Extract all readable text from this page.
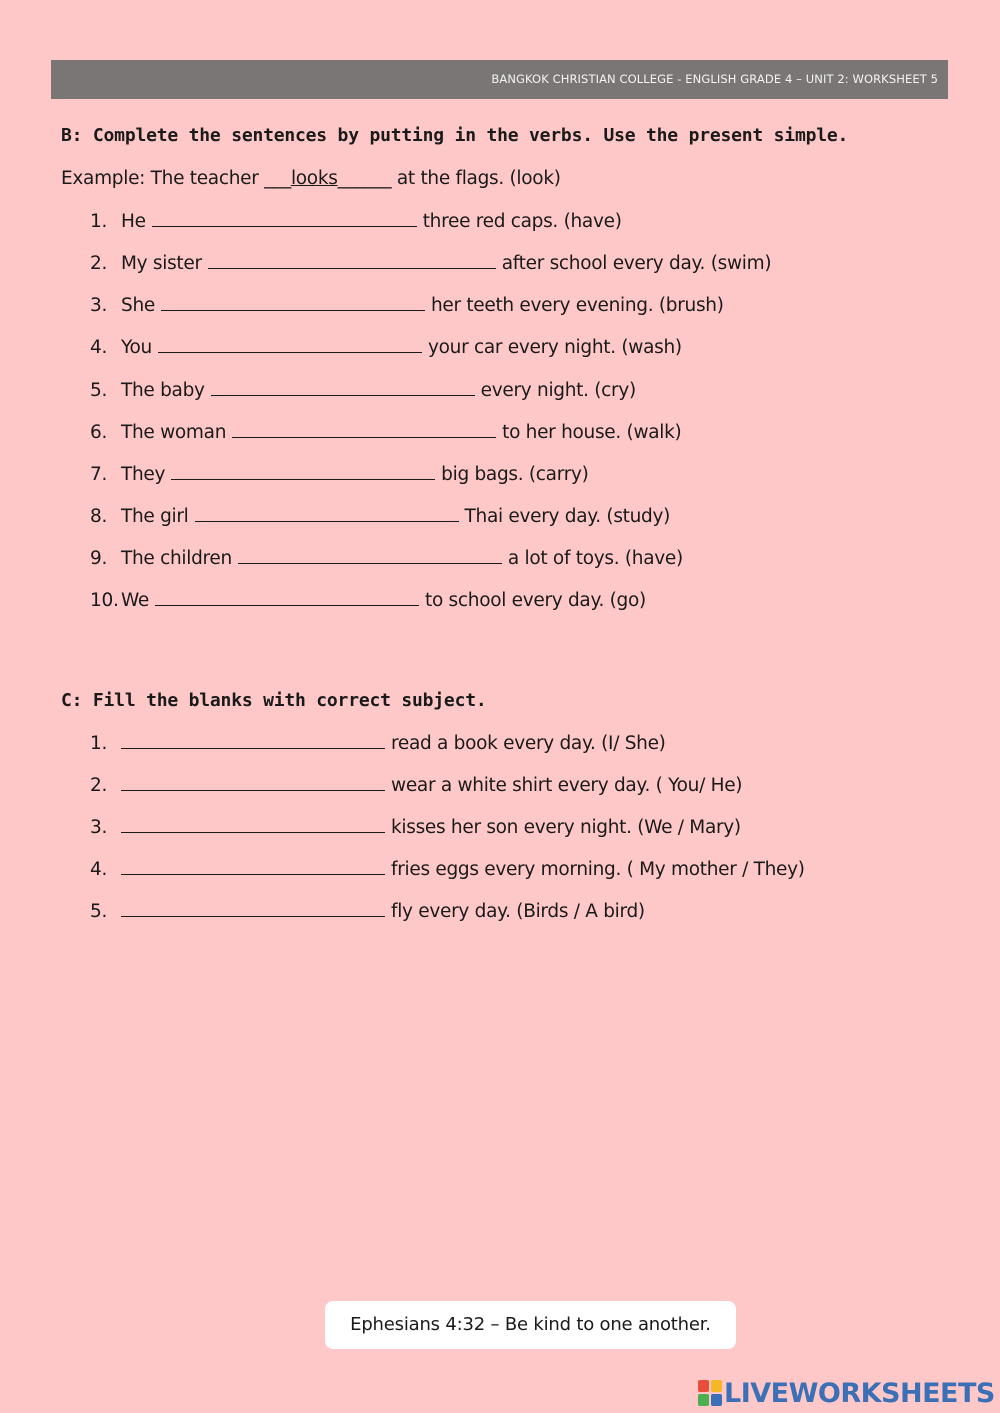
BANGKOK CHRISTIAN COLLEGE - ENGLISH GRADE 4 – UNIT 2: WORKSHEET 5
B: Complete the sentences by putting in the verbs. Use the present simple.
Example: The teacher ___looks______ at the flags. (look)
1. He	three red caps. (have)
2. My sister	after school every day. (swim)
3. She	her teeth every evening. (brush)
4. You	your car every night. (wash)
5. The baby	every night. (cry)
6. The woman	to her house. (walk)
7. They	big bags. (carry)
8. The girl	Thai every day. (study)
9. The children	a lot of toys. (have)
10. We	to school every day. (go)
C: Fill the blanks with correct subject.
1.	read a book every day. (I/ She)
2.	wear a white shirt every day. ( You/ He)
3.	kisses her son every night. (We / Mary)
4.	fries eggs every morning. ( My mother / They)
5.	fly every day. (Birds / A bird)
Ephesians 4:32 – Be kind to one another.
LIVEWORKSHEETS
